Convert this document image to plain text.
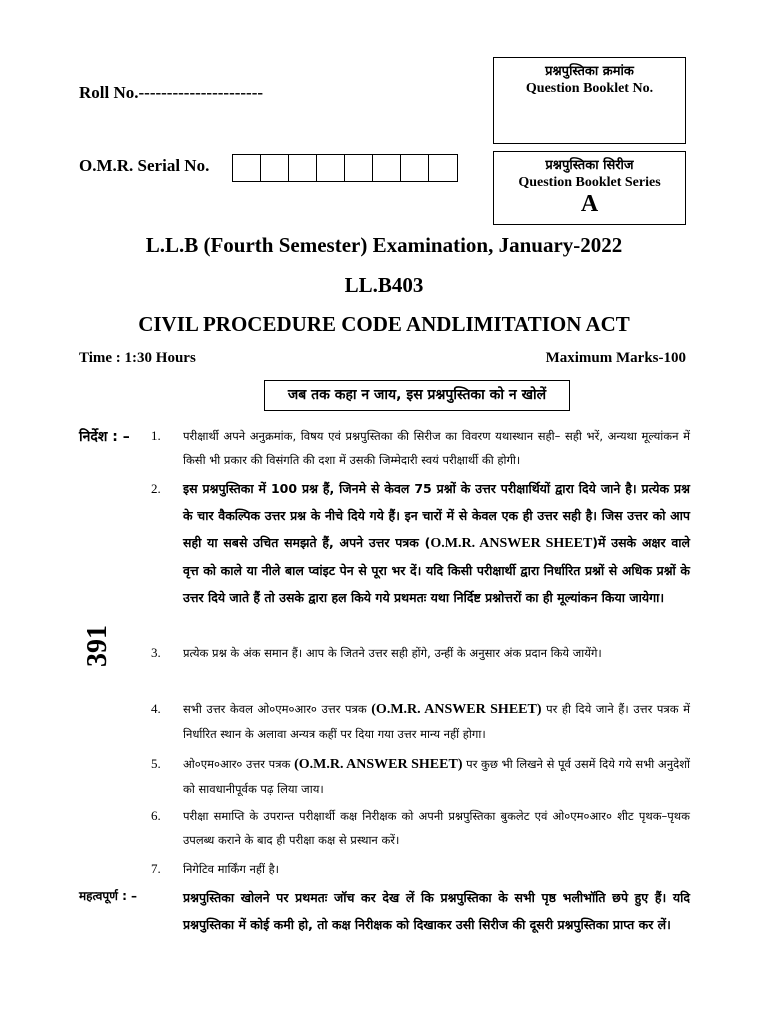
Roll No.----------------------
O.M.R. Serial No.
प्रश्नपुस्तिका क्रमांक
Question Booklet No.
प्रश्नपुस्तिका सिरीज
Question Booklet Series
A
L.L.B (Fourth Semester) Examination, January-2022
LL.B403
CIVIL PROCEDURE CODE ANDLIMITATION ACT
Time : 1:30 Hours	Maximum Marks-100
जब तक कहा न जाय, इस प्रश्नपुस्तिका को न खोलें
391
निर्देश : – 1. परीक्षार्थी अपने अनुक्रमांक, विषय एवं प्रश्नपुस्तिका की सिरीज का विवरण यथास्थान सही– सही भरें, अन्यथा मूल्यांकन में किसी भी प्रकार की विसंगति की दशा में उसकी जिम्मेदारी स्वयं परीक्षार्थी की होगी।
2. इस प्रश्नपुस्तिका में 100 प्रश्न हैं, जिनमे से केवल 75 प्रश्नों के उत्तर परीक्षार्थियों द्वारा दिये जाने है। प्रत्येक प्रश्न के चार वैकल्पिक उत्तर प्रश्न के नीचे दिये गये हैं। इन चारों में से केवल एक ही उत्तर सही है। जिस उत्तर को आप सही या सबसे उचित समझते हैं, अपने उत्तर पत्रक (O.M.R. ANSWER SHEET)में उसके अक्षर वाले वृत्त को काले या नीले बाल प्वांइट पेन से पूरा भर दें। यदि किसी परीक्षार्थी द्वारा निर्धारित प्रश्नों से अधिक प्रश्नों के उत्तर दिये जाते हैं तो उसके द्वारा हल किये गये प्रथमतः यथा निर्दिष्ट प्रश्नोत्तरों का ही मूल्यांकन किया जायेगा।
3. प्रत्येक प्रश्न के अंक समान हैं। आप के जितने उत्तर सही होंगे, उन्हीं के अनुसार अंक प्रदान किये जायेंगे।
4. सभी उत्तर केवल ओ०एम०आर० उत्तर पत्रक (O.M.R. ANSWER SHEET) पर ही दिये जाने हैं। उत्तर पत्रक में निर्धारित स्थान के अलावा अन्यत्र कहीं पर दिया गया उत्तर मान्य नहीं होगा।
5. ओ०एम०आर० उत्तर पत्रक (O.M.R. ANSWER SHEET) पर कुछ भी लिखने से पूर्व उसमें दिये गये सभी अनुदेशों को सावधानीपूर्वक पढ़ लिया जाय।
6. परीक्षा समाप्ति के उपरान्त परीक्षार्थी कक्ष निरीक्षक को अपनी प्रश्नपुस्तिका बुकलेट एवं ओ०एम०आर० शीट पृथक–पृथक उपलब्ध कराने के बाद ही परीक्षा कक्ष से प्रस्थान करें।
7. निगेटिव मार्किंग नहीं है।
महत्वपूर्ण : –	प्रश्नपुस्तिका खोलने पर प्रथमतः जॉच कर देख लें कि प्रश्नपुस्तिका के सभी पृष्ठ भलीभॉति छपे हुए हैं। यदि प्रश्नपुस्तिका में कोई कमी हो, तो कक्ष निरीक्षक को दिखाकर उसी सिरीज की दूसरी प्रश्नपुस्तिका प्राप्त कर लें।
